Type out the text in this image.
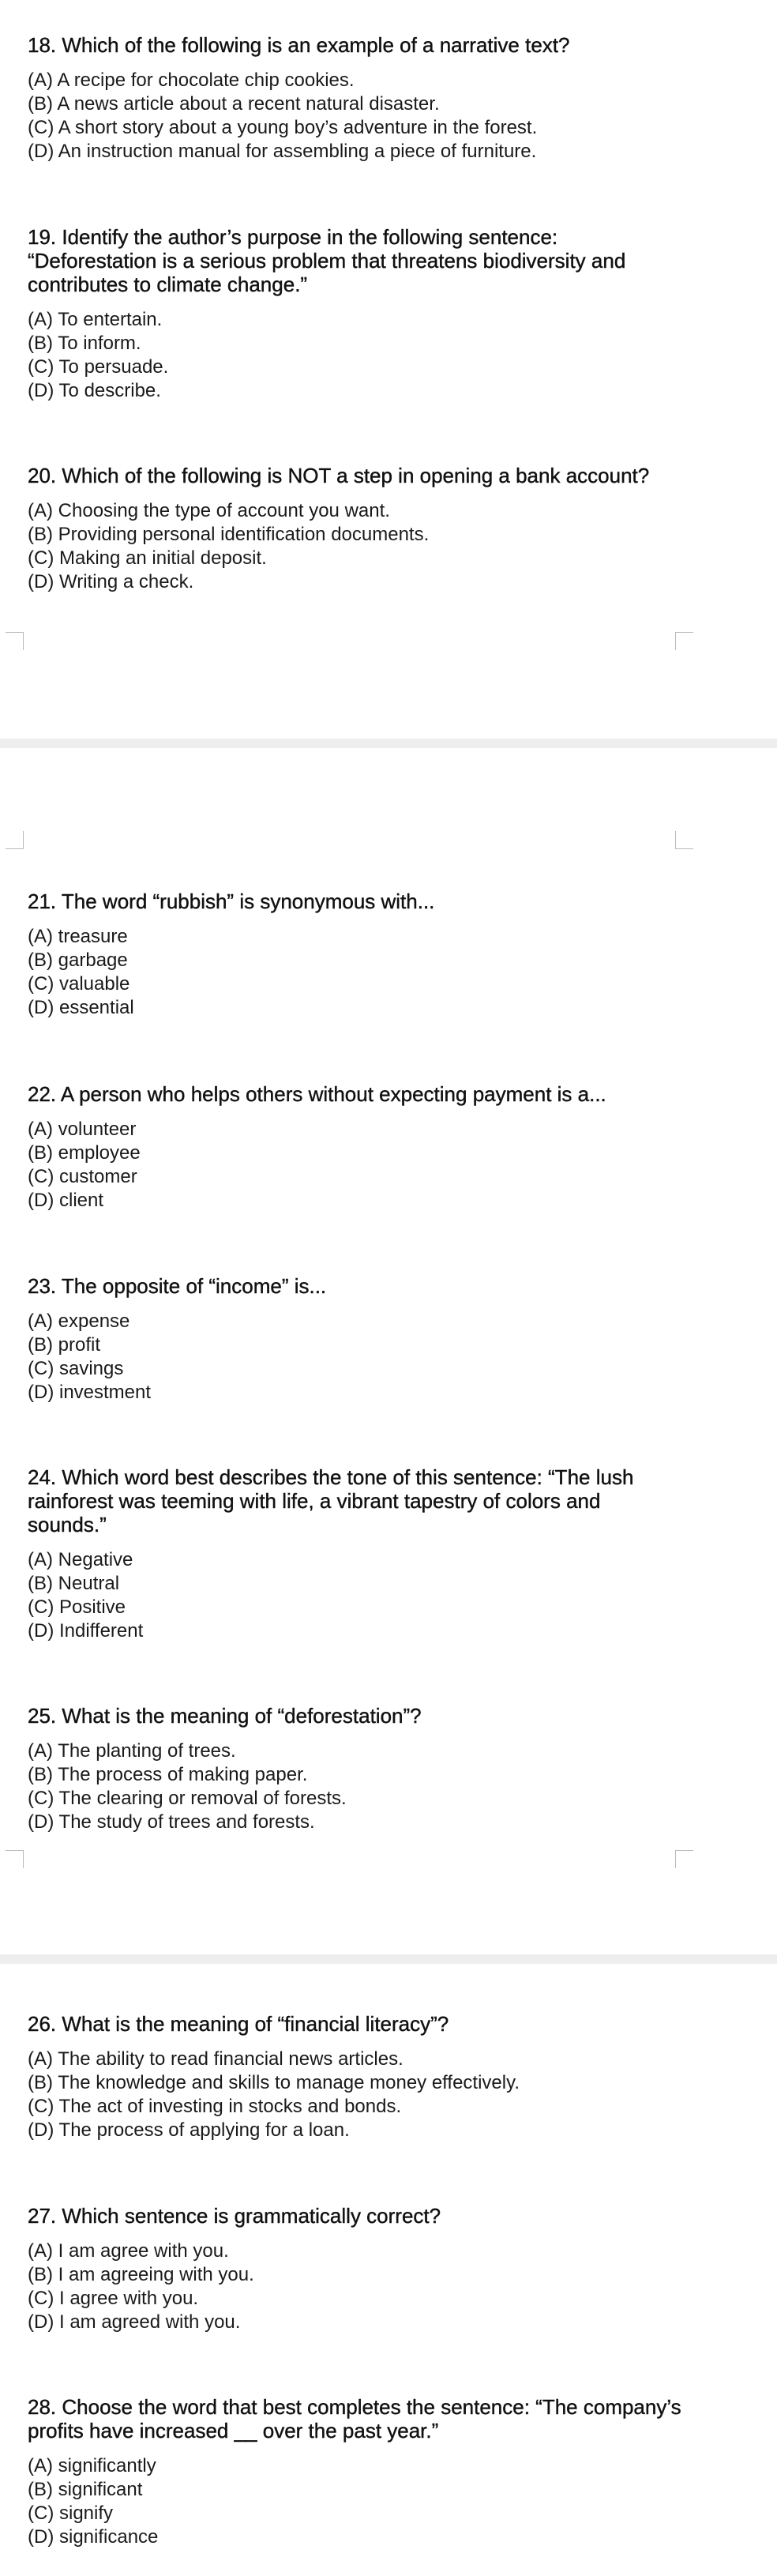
18. Which of the following is an example of a narrative text?

(A) A recipe for chocolate chip cookies.

(B) A news article about a recent natural disaster.

(C) A short story about a young boy’s adventure in the forest.

(D) An instruction manual for assembling a piece of furniture.

19. Identify the author’s purpose in the following sentence: “Deforestation is a serious problem that threatens biodiversity and contributes to climate change.”

(A) To entertain.

(B) To inform.

(C) To persuade.

(D) To describe.

20. Which of the following is NOT a step in opening a bank account?

(A) Choosing the type of account you want.

(B) Providing personal identification documents.

(C) Making an initial deposit.

(D) Writing a check.

21. The word “rubbish” is synonymous with...

(A) treasure

(B) garbage

(C) valuable

(D) essential

22. A person who helps others without expecting payment is a...

(A) volunteer

(B) employee

(C) customer

(D) client

23. The opposite of “income” is...

(A) expense

(B) profit

(C) savings

(D) investment

24. Which word best describes the tone of this sentence: “The lush rainforest was teeming with life, a vibrant tapestry of colors and sounds.”

(A) Negative

(B) Neutral

(C) Positive

(D) Indifferent

25. What is the meaning of “deforestation”?

(A) The planting of trees.

(B) The process of making paper.

(C) The clearing or removal of forests.

(D) The study of trees and forests.

26. What is the meaning of “financial literacy”?

(A) The ability to read financial news articles.

(B) The knowledge and skills to manage money effectively.

(C) The act of investing in stocks and bonds.

(D) The process of applying for a loan.

27. Which sentence is grammatically correct?

(A) I am agree with you.

(B) I am agreeing with you.

(C) I agree with you.

(D) I am agreed with you.

28. Choose the word that best completes the sentence: “The company’s profits have increased __ over the past year.”

(A) significantly

(B) significant

(C) signify

(D) significance
